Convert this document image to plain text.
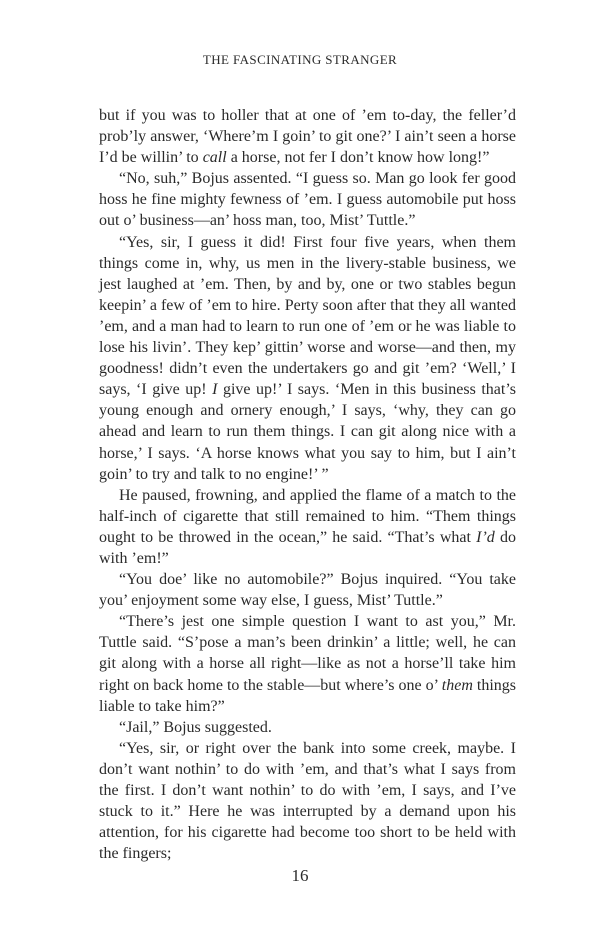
THE FASCINATING STRANGER

but if you was to holler that at one of ’em to-day, the feller’d prob’ly answer, ‘Where’m I goin’ to git one?’ I ain’t seen a horse I’d be willin’ to call a horse, not fer I don’t know how long!”

“No, suh,” Bojus assented. “I guess so. Man go look fer good hoss he fine mighty fewness of ’em. I guess automobile put hoss out o’ business—an’ hoss man, too, Mist’ Tuttle.”

“Yes, sir, I guess it did! First four five years, when them things come in, why, us men in the livery-stable business, we jest laughed at ’em. Then, by and by, one or two stables begun keepin’ a few of ’em to hire. Perty soon after that they all wanted ’em, and a man had to learn to run one of ’em or he was liable to lose his livin’. They kep’ gittin’ worse and worse—and then, my goodness! didn’t even the undertakers go and git ’em? ‘Well,’ I says, ‘I give up! I give up!’ I says. ‘Men in this business that’s young enough and ornery enough,’ I says, ‘why, they can go ahead and learn to run them things. I can git along nice with a horse,’ I says. ‘A horse knows what you say to him, but I ain’t goin’ to try and talk to no engine!’ ”

He paused, frowning, and applied the flame of a match to the half-inch of cigarette that still remained to him. “Them things ought to be throwed in the ocean,” he said. “That’s what I’d do with ’em!”

“You doe’ like no automobile?” Bojus inquired. “You take you’ enjoyment some way else, I guess, Mist’ Tuttle.”

“There’s jest one simple question I want to ast you,” Mr. Tuttle said. “S’pose a man’s been drinkin’ a little; well, he can git along with a horse all right—like as not a horse’ll take him right on back home to the stable—but where’s one o’ them things liable to take him?”

“Jail,” Bojus suggested.

“Yes, sir, or right over the bank into some creek, maybe. I don’t want nothin’ to do with ’em, and that’s what I says from the first. I don’t want nothin’ to do with ’em, I says, and I’ve stuck to it.” Here he was interrupted by a demand upon his attention, for his cigarette had become too short to be held with the fingers;

16
